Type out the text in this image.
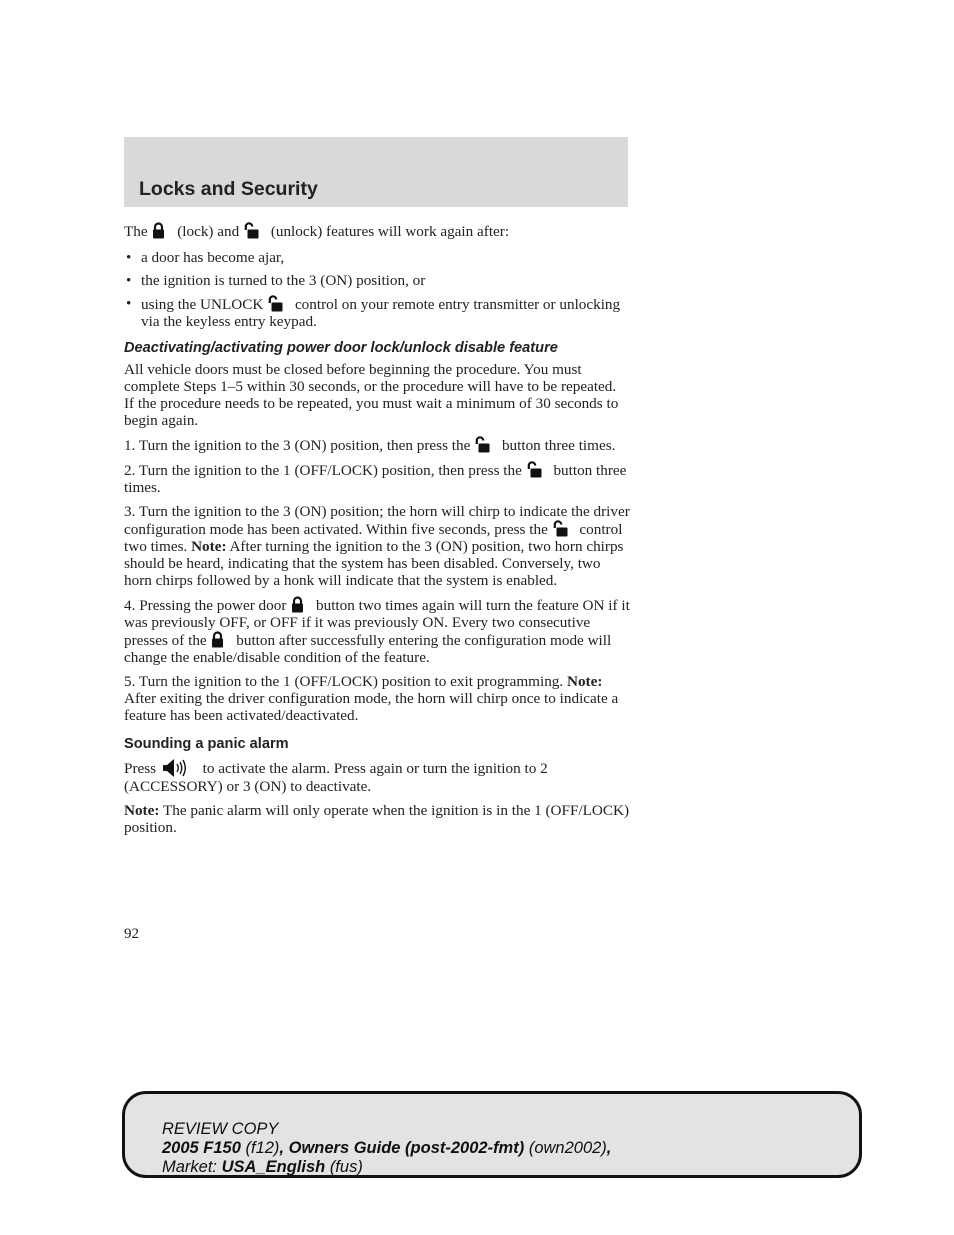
Locks and Security

The (lock) and (unlock) features will work again after:

• a door has become ajar,
• the ignition is turned to the 3 (ON) position, or
• using the UNLOCK control on your remote entry transmitter or unlocking via the keyless entry keypad.
Deactivating/activating power door lock/unlock disable feature

All vehicle doors must be closed before beginning the procedure. You must complete Steps 1–5 within 30 seconds, or the procedure will have to be repeated. If the procedure needs to be repeated, you must wait a minimum of 30 seconds to begin again.

1. Turn the ignition to the 3 (ON) position, then press the button three times.

2. Turn the ignition to the 1 (OFF/LOCK) position, then press the button three times.

3. Turn the ignition to the 3 (ON) position; the horn will chirp to indicate the driver configuration mode has been activated. Within five seconds, press the control two times. Note: After turning the ignition to the 3 (ON) position, two horn chirps should be heard, indicating that the system has been disabled. Conversely, two horn chirps followed by a honk will indicate that the system is enabled.

4. Pressing the power door button two times again will turn the feature ON if it was previously OFF, or OFF if it was previously ON. Every two consecutive presses of the button after successfully entering the configuration mode will change the enable/disable condition of the feature.

5. Turn the ignition to the 1 (OFF/LOCK) position to exit programming. Note: After exiting the driver configuration mode, the horn will chirp once to indicate a feature has been activated/deactivated.

Sounding a panic alarm

Press	to activate the alarm. Press again or turn the ignition to 2 (ACCESSORY) or 3 (ON) to deactivate.

Note: The panic alarm will only operate when the ignition is in the 1 (OFF/LOCK) position.

92
REVIEW COPY
2005 F150 (f12), Owners Guide (post-2002-fmt) (own2002),
Market: USA_English (fus)
